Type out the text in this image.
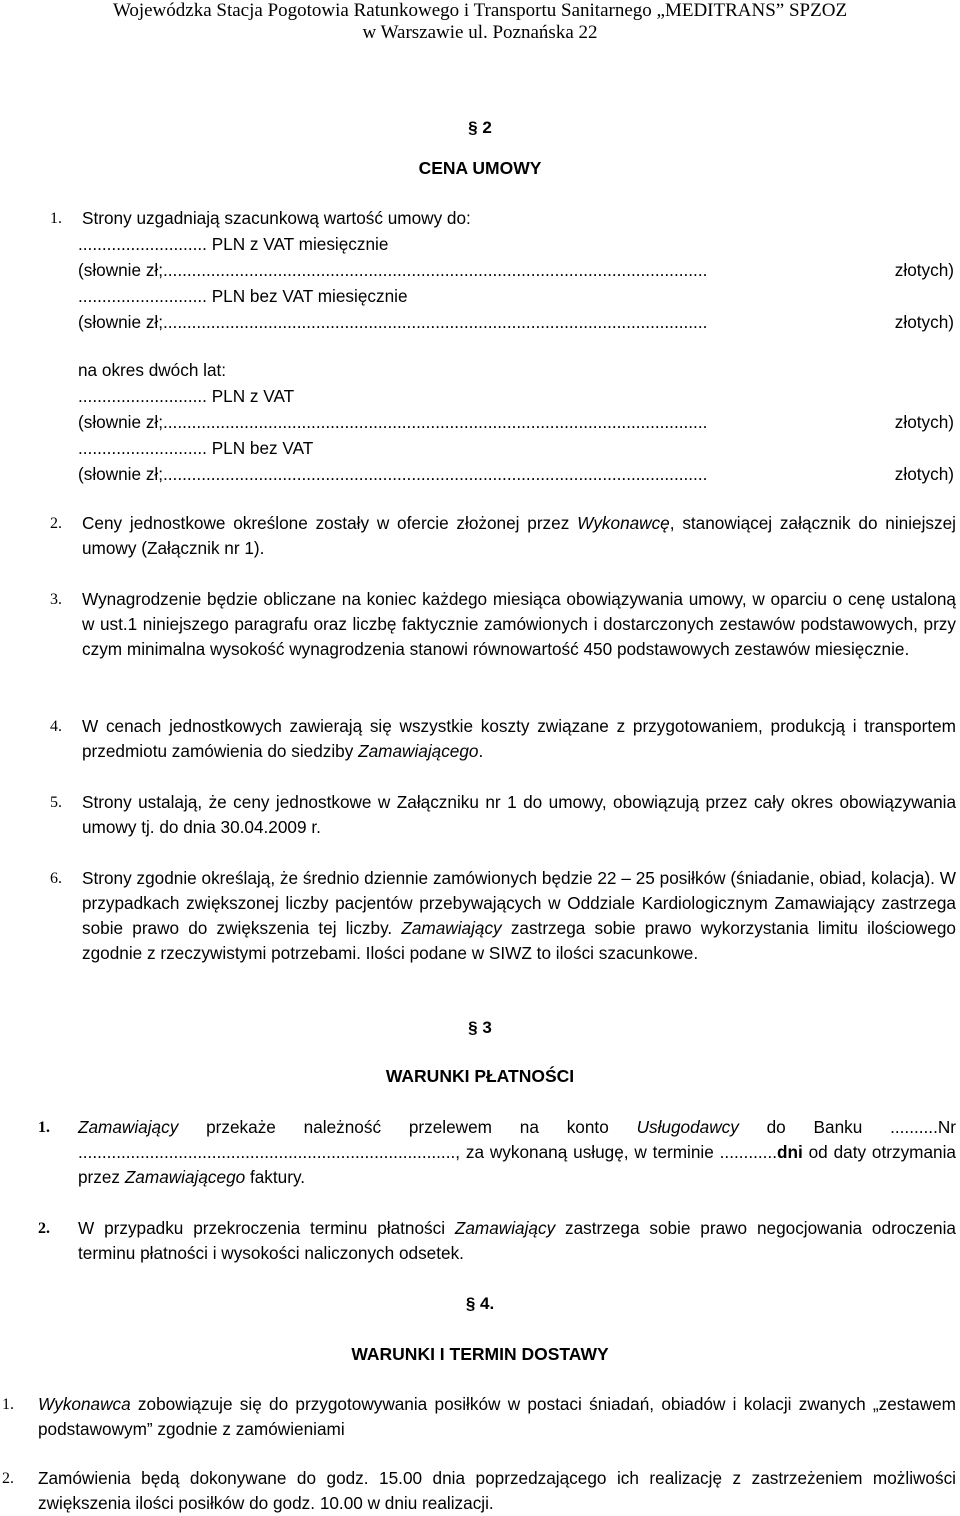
Wojewódzka Stacja Pogotowia Ratunkowego i Transportu Sanitarnego „MEDITRANS” SPZOZ
w Warszawie ul. Poznańska 22
§ 2
CENA UMOWY
1. Strony uzgadniają szacunkową wartość umowy do:
........................... PLN z VAT miesięcznie
(słownie zł;..................................................................................................................	złotych)
........................... PLN bez VAT miesięcznie
(słownie zł;..................................................................................................................	złotych)
na okres dwóch lat:
........................... PLN z VAT
(słownie zł;..................................................................................................................	złotych)
........................... PLN bez VAT
(słownie zł;..................................................................................................................	złotych)
2. Ceny jednostkowe określone zostały w ofercie złożonej przez Wykonawcę, stanowiącej załącznik do niniejszej umowy (Załącznik nr 1).
3. Wynagrodzenie będzie obliczane na koniec każdego miesiąca obowiązywania umowy, w oparciu o cenę ustaloną w ust.1 niniejszego paragrafu oraz liczbę faktycznie zamówionych i dostarczonych zestawów podstawowych, przy czym minimalna wysokość wynagrodzenia stanowi równowartość 450 podstawowych zestawów miesięcznie.
4. W cenach jednostkowych zawierają się wszystkie koszty związane z przygotowaniem, produkcją i transportem przedmiotu zamówienia do siedziby Zamawiającego.
5. Strony ustalają, że ceny jednostkowe w Załączniku nr 1 do umowy, obowiązują przez cały okres obowiązywania umowy tj. do dnia 30.04.2009 r.
6. Strony zgodnie określają, że średnio dziennie zamówionych będzie 22 – 25 posiłków (śniadanie, obiad, kolacja). W przypadkach zwiększonej liczby pacjentów przebywających w Oddziale Kardiologicznym Zamawiający zastrzega sobie prawo do zwiększenia tej liczby. Zamawiający zastrzega sobie prawo wykorzystania limitu ilościowego zgodnie z rzeczywistymi potrzebami. Ilości podane w SIWZ to ilości szacunkowe.
§ 3
WARUNKI PŁATNOŚCI
1. Zamawiający przekaże należność przelewem na konto Usługodawcy do Banku ..........Nr ..............................................................................., za wykonaną usługę, w terminie ............dni od daty otrzymania przez Zamawiającego faktury.
2. W przypadku przekroczenia terminu płatności Zamawiający zastrzega sobie prawo negocjowania odroczenia terminu płatności i wysokości naliczonych odsetek.
§ 4.
WARUNKI I TERMIN DOSTAWY
1. Wykonawca zobowiązuje się do przygotowywania posiłków w postaci śniadań, obiadów i kolacji zwanych „zestawem podstawowym” zgodnie z zamówieniami
2. Zamówienia będą dokonywane do godz. 15.00 dnia poprzedzającego ich realizację z zastrzeżeniem możliwości zwiększenia ilości posiłków do godz. 10.00 w dniu realizacji.
